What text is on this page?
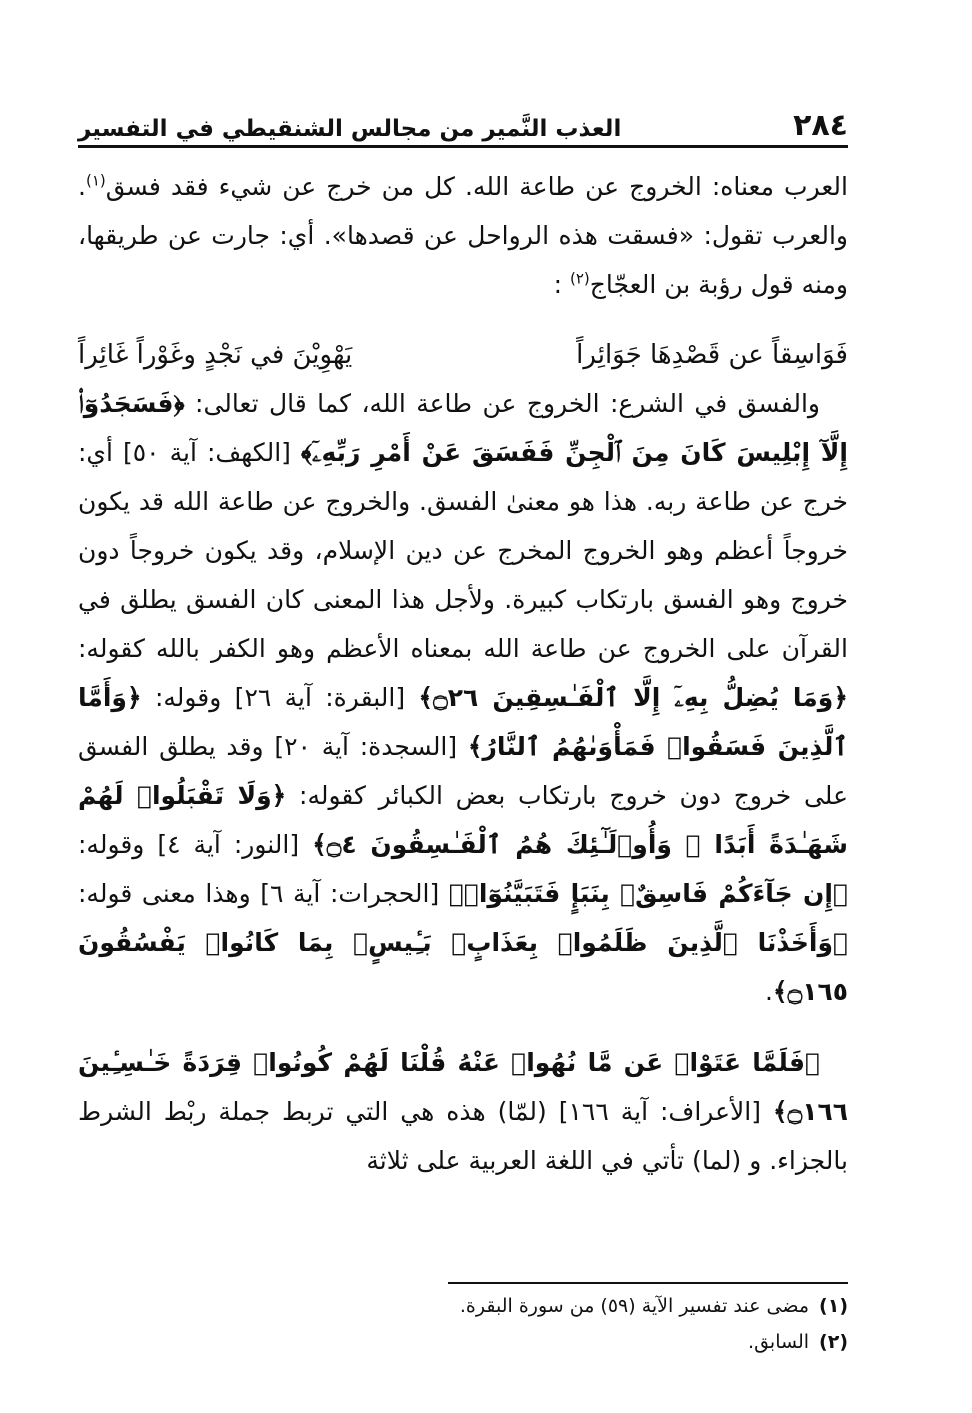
٢٨٤
العذب النَّمير من مجالس الشنقيطي في التفسير

العرب معناه: الخروج عن طاعة الله. كل من خرج عن شيء فقد فسق$^{(١)}$. والعرب تقول: «فسقت هذه الرواحل عن قصدها». أي: جارت عن طريقها، ومنه قول رؤبة بن العجّاج$^{(٢)}$ :

فَوَاسِقاً عن قَصْدِهَا جَوَائِراً
يَهْوِيْنَ في نَجْدٍ وغَوْراً غَائِراً

والفسق في الشرع: الخروج عن طاعة الله، كما قال تعالى: ﴿فَسَجَدُوٓا۟ إِلَّآ إِبْلِيسَ كَانَ مِنَ ٱلْجِنِّ فَفَسَقَ عَنْ أَمْرِ رَبِّهِۦٓ﴾ [الكهف: آية ٥٠] أي: خرج عن طاعة ربه. هذا هو معنىٰ الفسق. والخروج عن طاعة الله قد يكون خروجاً أعظم وهو الخروج المخرج عن دين الإسلام، وقد يكون خروجاً دون خروج وهو الفسق بارتكاب كبيرة. ولأجل هذا المعنى كان الفسق يطلق في القرآن على الخروج عن طاعة الله بمعناه الأعظم وهو الكفر بالله كقوله: ﴿وَمَا يُضِلُّ بِهِۦٓ إِلَّا ٱلْفَـٰسِقِينَ ۝٢٦﴾ [البقرة: آية ٢٦] وقوله: ﴿وَأَمَّا ٱلَّذِينَ فَسَقُوا۟ فَمَأْوَىٰهُمُ ٱلنَّارُ﴾ [السجدة: آية ٢٠] وقد يطلق الفسق على خروج دون خروج بارتكاب بعض الكبائر كقوله: ﴿وَلَا تَقْبَلُوا۟ لَهُمْ شَهَـٰدَةً أَبَدًا ۚ وَأُو۟لَـٰٓئِكَ هُمُ ٱلْفَـٰسِقُونَ ۝٤﴾ [النور: آية ٤] وقوله: ﴿إِن جَآءَكُمْ فَاسِقٌۢ بِنَبَإٍ فَتَبَيَّنُوٓا۟﴾ [الحجرات: آية ٦] وهذا معنى قوله: ﴿وَأَخَذْنَا ٱلَّذِينَ ظَلَمُوا۟ بِعَذَابٍۭ بَـِٔيسٍۭ بِمَا كَانُوا۟ يَفْسُقُونَ ۝١٦٥﴾.

﴿فَلَمَّا عَتَوْا۟ عَن مَّا نُهُوا۟ عَنْهُ قُلْنَا لَهُمْ كُونُوا۟ قِرَدَةً خَـٰسِـِٔينَ ۝١٦٦﴾ [الأعراف: آية ١٦٦] (لمّا) هذه هي التي تربط جملة ربْط الشرط بالجزاء. و (لما) تأتي في اللغة العربية على ثلاثة

(١)مضى عند تفسير الآية (٥٩) من سورة البقرة.
(٢)السابق.
